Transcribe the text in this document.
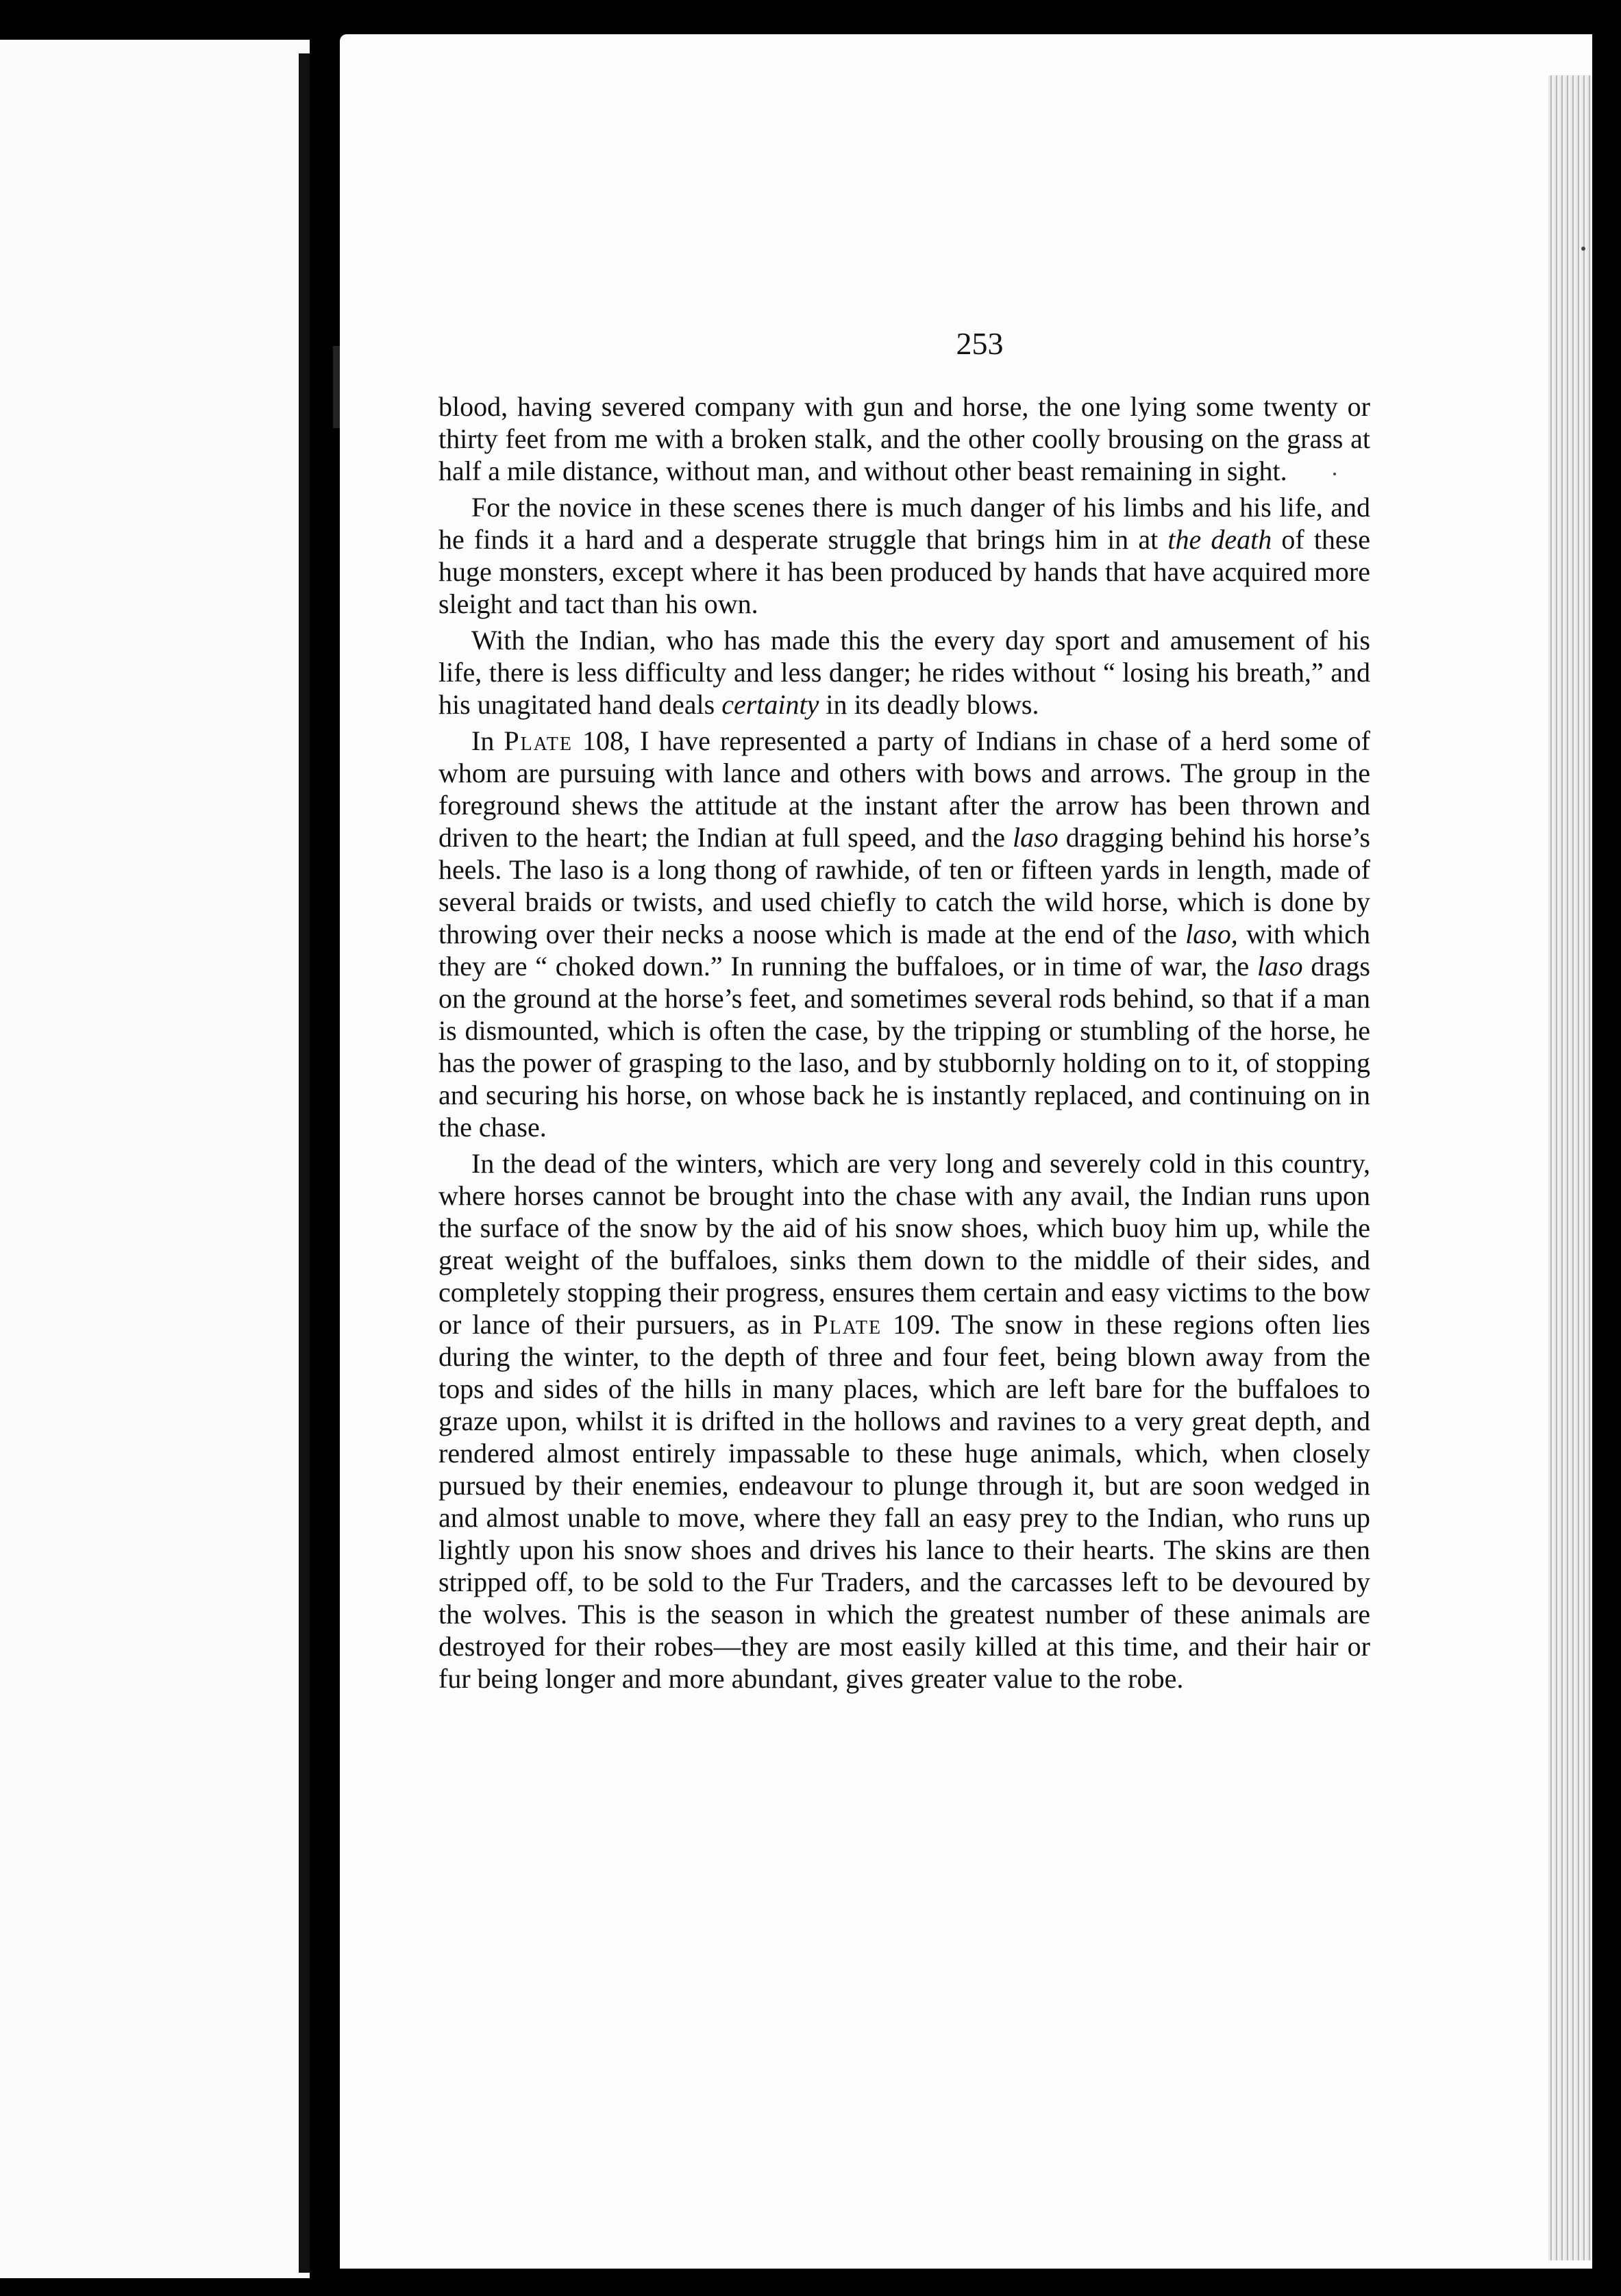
253

blood, having severed company with gun and horse, the one lying some twenty or thirty feet from me with a broken stalk, and the other coolly brousing on the grass at half a mile distance, without man, and without other beast remaining in sight.

For the novice in these scenes there is much danger of his limbs and his life, and he finds it a hard and a desperate struggle that brings him in at the death of these huge monsters, except where it has been produced by hands that have acquired more sleight and tact than his own.

With the Indian, who has made this the every day sport and amusement of his life, there is less difficulty and less danger; he rides without “ losing his breath,” and his unagitated hand deals certainty in its deadly blows.

In Plate 108, I have represented a party of Indians in chase of a herd some of whom are pursuing with lance and others with bows and arrows. The group in the foreground shews the attitude at the instant after the arrow has been thrown and driven to the heart; the Indian at full speed, and the laso dragging behind his horse’s heels. The laso is a long thong of rawhide, of ten or fifteen yards in length, made of several braids or twists, and used chiefly to catch the wild horse, which is done by throwing over their necks a noose which is made at the end of the laso, with which they are “ choked down.” In running the buffaloes, or in time of war, the laso drags on the ground at the horse’s feet, and sometimes several rods behind, so that if a man is dismounted, which is often the case, by the tripping or stumbling of the horse, he has the power of grasping to the laso, and by stubbornly holding on to it, of stopping and securing his horse, on whose back he is instantly replaced, and continuing on in the chase.

In the dead of the winters, which are very long and severely cold in this country, where horses cannot be brought into the chase with any avail, the Indian runs upon the surface of the snow by the aid of his snow shoes, which buoy him up, while the great weight of the buffaloes, sinks them down to the middle of their sides, and completely stopping their progress, ensures them certain and easy victims to the bow or lance of their pursuers, as in Plate 109. The snow in these regions often lies during the winter, to the depth of three and four feet, being blown away from the tops and sides of the hills in many places, which are left bare for the buffaloes to graze upon, whilst it is drifted in the hollows and ravines to a very great depth, and rendered almost entirely impassable to these huge animals, which, when closely pursued by their enemies, endeavour to plunge through it, but are soon wedged in and almost unable to move, where they fall an easy prey to the Indian, who runs up lightly upon his snow shoes and drives his lance to their hearts. The skins are then stripped off, to be sold to the Fur Traders, and the carcasses left to be devoured by the wolves. This is the season in which the greatest number of these animals are destroyed for their robes—they are most easily killed at this time, and their hair or fur being longer and more abundant, gives greater value to the robe.
